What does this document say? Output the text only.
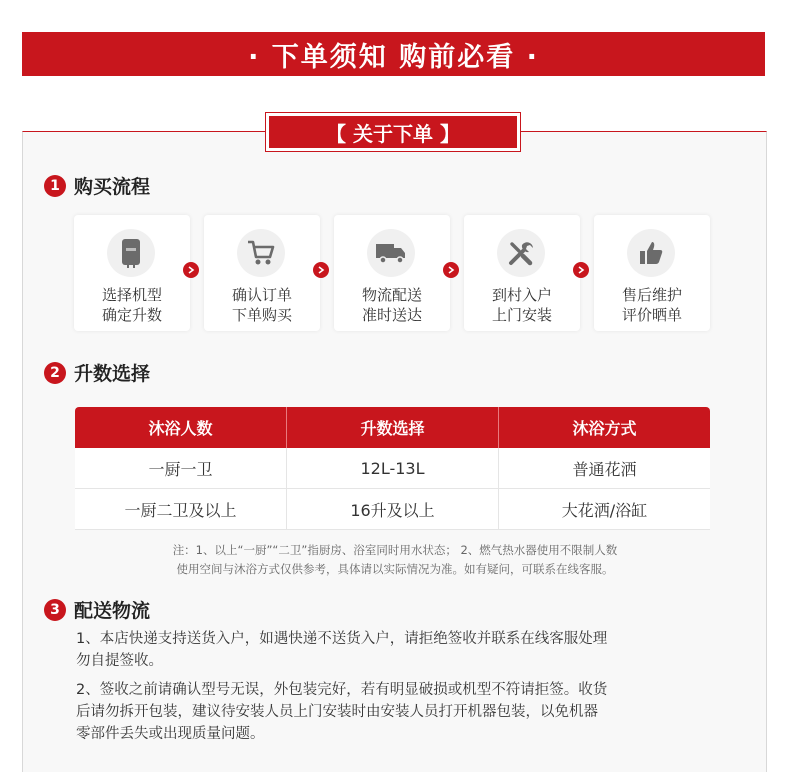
· 下单须知 购前必看 ·
【 关于下单 】
1 购买流程
选择机型
确定升数
确认订单
下单购买
物流配送
准时送达
到村入户
上门安装
售后维护
评价晒单
2 升数选择
沐浴人数	升数选择	沐浴方式
一厨一卫	12L-13L	普通花洒
一厨二卫及以上	16升及以上	大花洒/浴缸
注：1、以上“一厨”“二卫”指厨房、浴室同时用水状态； 2、燃气热水器使用不限制人数
使用空间与沐浴方式仅供参考，具体请以实际情况为准。如有疑问，可联系在线客服。
3 配送物流
1、本店快递支持送货入户，如遇快递不送货入户，请拒绝签收并联系在线客服处理
勿自提签收。
2、签收之前请确认型号无误，外包装完好，若有明显破损或机型不符请拒签。收货
后请勿拆开包装，建议待安装人员上门安装时由安装人员打开机器包装，以免机器
零部件丢失或出现质量问题。
